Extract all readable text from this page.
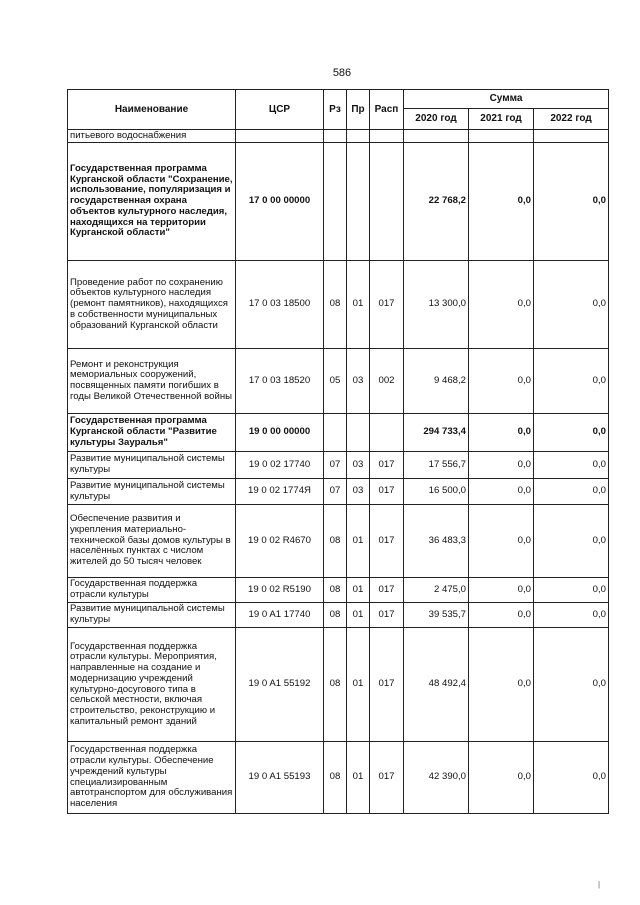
586
Наименование	ЦСР	Рз	Пр	Расп	Сумма		
					2020 год	2021 год	2022 год
питьевого водоснабжения							
Государственная программа Курганской области "Сохранение, использование, популяризация и государственная охрана объектов культурного наследия, находящихся на территории Курганской области"	17 0 00 00000				22 768,2	0,0	0,0
Проведение работ по сохранению объектов культурного наследия (ремонт памятников), находящихся в собственности муниципальных образований Курганской области	17 0 03 18500	08	01	017	13 300,0	0,0	0,0
Ремонт и реконструкция мемориальных сооружений, посвященных памяти погибших в годы Великой Отечественной войны	17 0 03 18520	05	03	002	9 468,2	0,0	0,0
Государственная программа Курганской области "Развитие культуры Зауралья"	19 0 00 00000				294 733,4	0,0	0,0
Развитие муниципальной системы культуры	19 0 02 17740	07	03	017	17 556,7	0,0	0,0
Развитие муниципальной системы культуры	19 0 02 1774Я	07	03	017	16 500,0	0,0	0,0
Обеспечение развития и укрепления материально-технической базы домов культуры в населённых пунктах с числом жителей до 50 тысяч человек	19 0 02 R4670	08	01	017	36 483,3	0,0	0,0
Государственная поддержка отрасли культуры	19 0 02 R5190	08	01	017	2 475,0	0,0	0,0
Развитие муниципальной системы культуры	19 0 A1 17740	08	01	017	39 535,7	0,0	0,0
Государственная поддержка отрасли культуры. Мероприятия, направленные на создание и модернизацию учреждений культурно-досугового типа в сельской местности, включая строительство, реконструкцию и капитальный ремонт зданий	19 0 A1 55192	08	01	017	48 492,4	0,0	0,0
Государственная поддержка отрасли культуры. Обеспечение учреждений культуры специализированным автотранспортом для обслуживания населения	19 0 A1 55193	08	01	017	42 390,0	0,0	0,0
|
